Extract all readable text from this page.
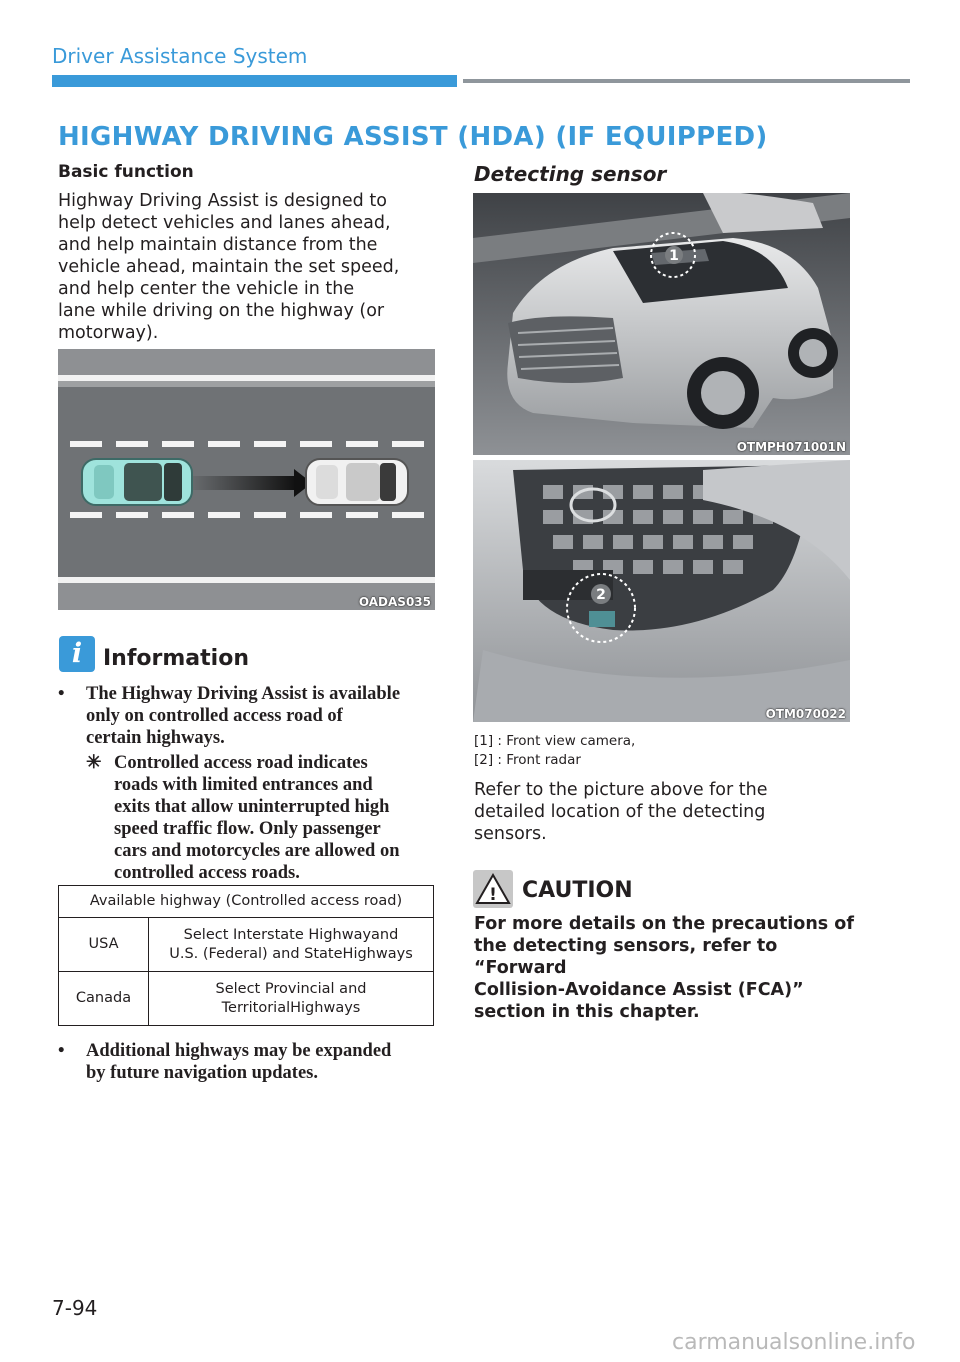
Driver Assistance System
HIGHWAY DRIVING ASSIST (HDA) (IF EQUIPPED)
Basic function
Highway Driving Assist is designed to
help detect vehicles and lanes ahead,
and help maintain distance from the
vehicle ahead, maintain the set speed,
and help center the vehicle in the
lane while driving on the highway (or
motorway).
OADAS035
i Information
• The Highway Driving Assist is available
only on controlled access road of
certain highways.
✳ Controlled access road indicates
roads with limited entrances and
exits that allow uninterrupted high
speed traffic flow. Only passenger
cars and motorcycles are allowed on
controlled access roads.
Available highway (Controlled access road)	
USA	Select Interstate Highwayand
U.S. (Federal) and StateHighways

Canada	Select Provincial and
TerritorialHighways
• Additional highways may be expanded
by future navigation updates.
Detecting sensor
1
OTMPH071001N
2
OTM070022
[1] : Front view camera,
[2] : Front radar
Refer to the picture above for the
detailed location of the detecting
sensors.
! CAUTION
For more details on the precautions of
the detecting sensors, refer to “Forward
Collision-Avoidance Assist (FCA)”
section in this chapter.
7-94
carmanualsonline.info
